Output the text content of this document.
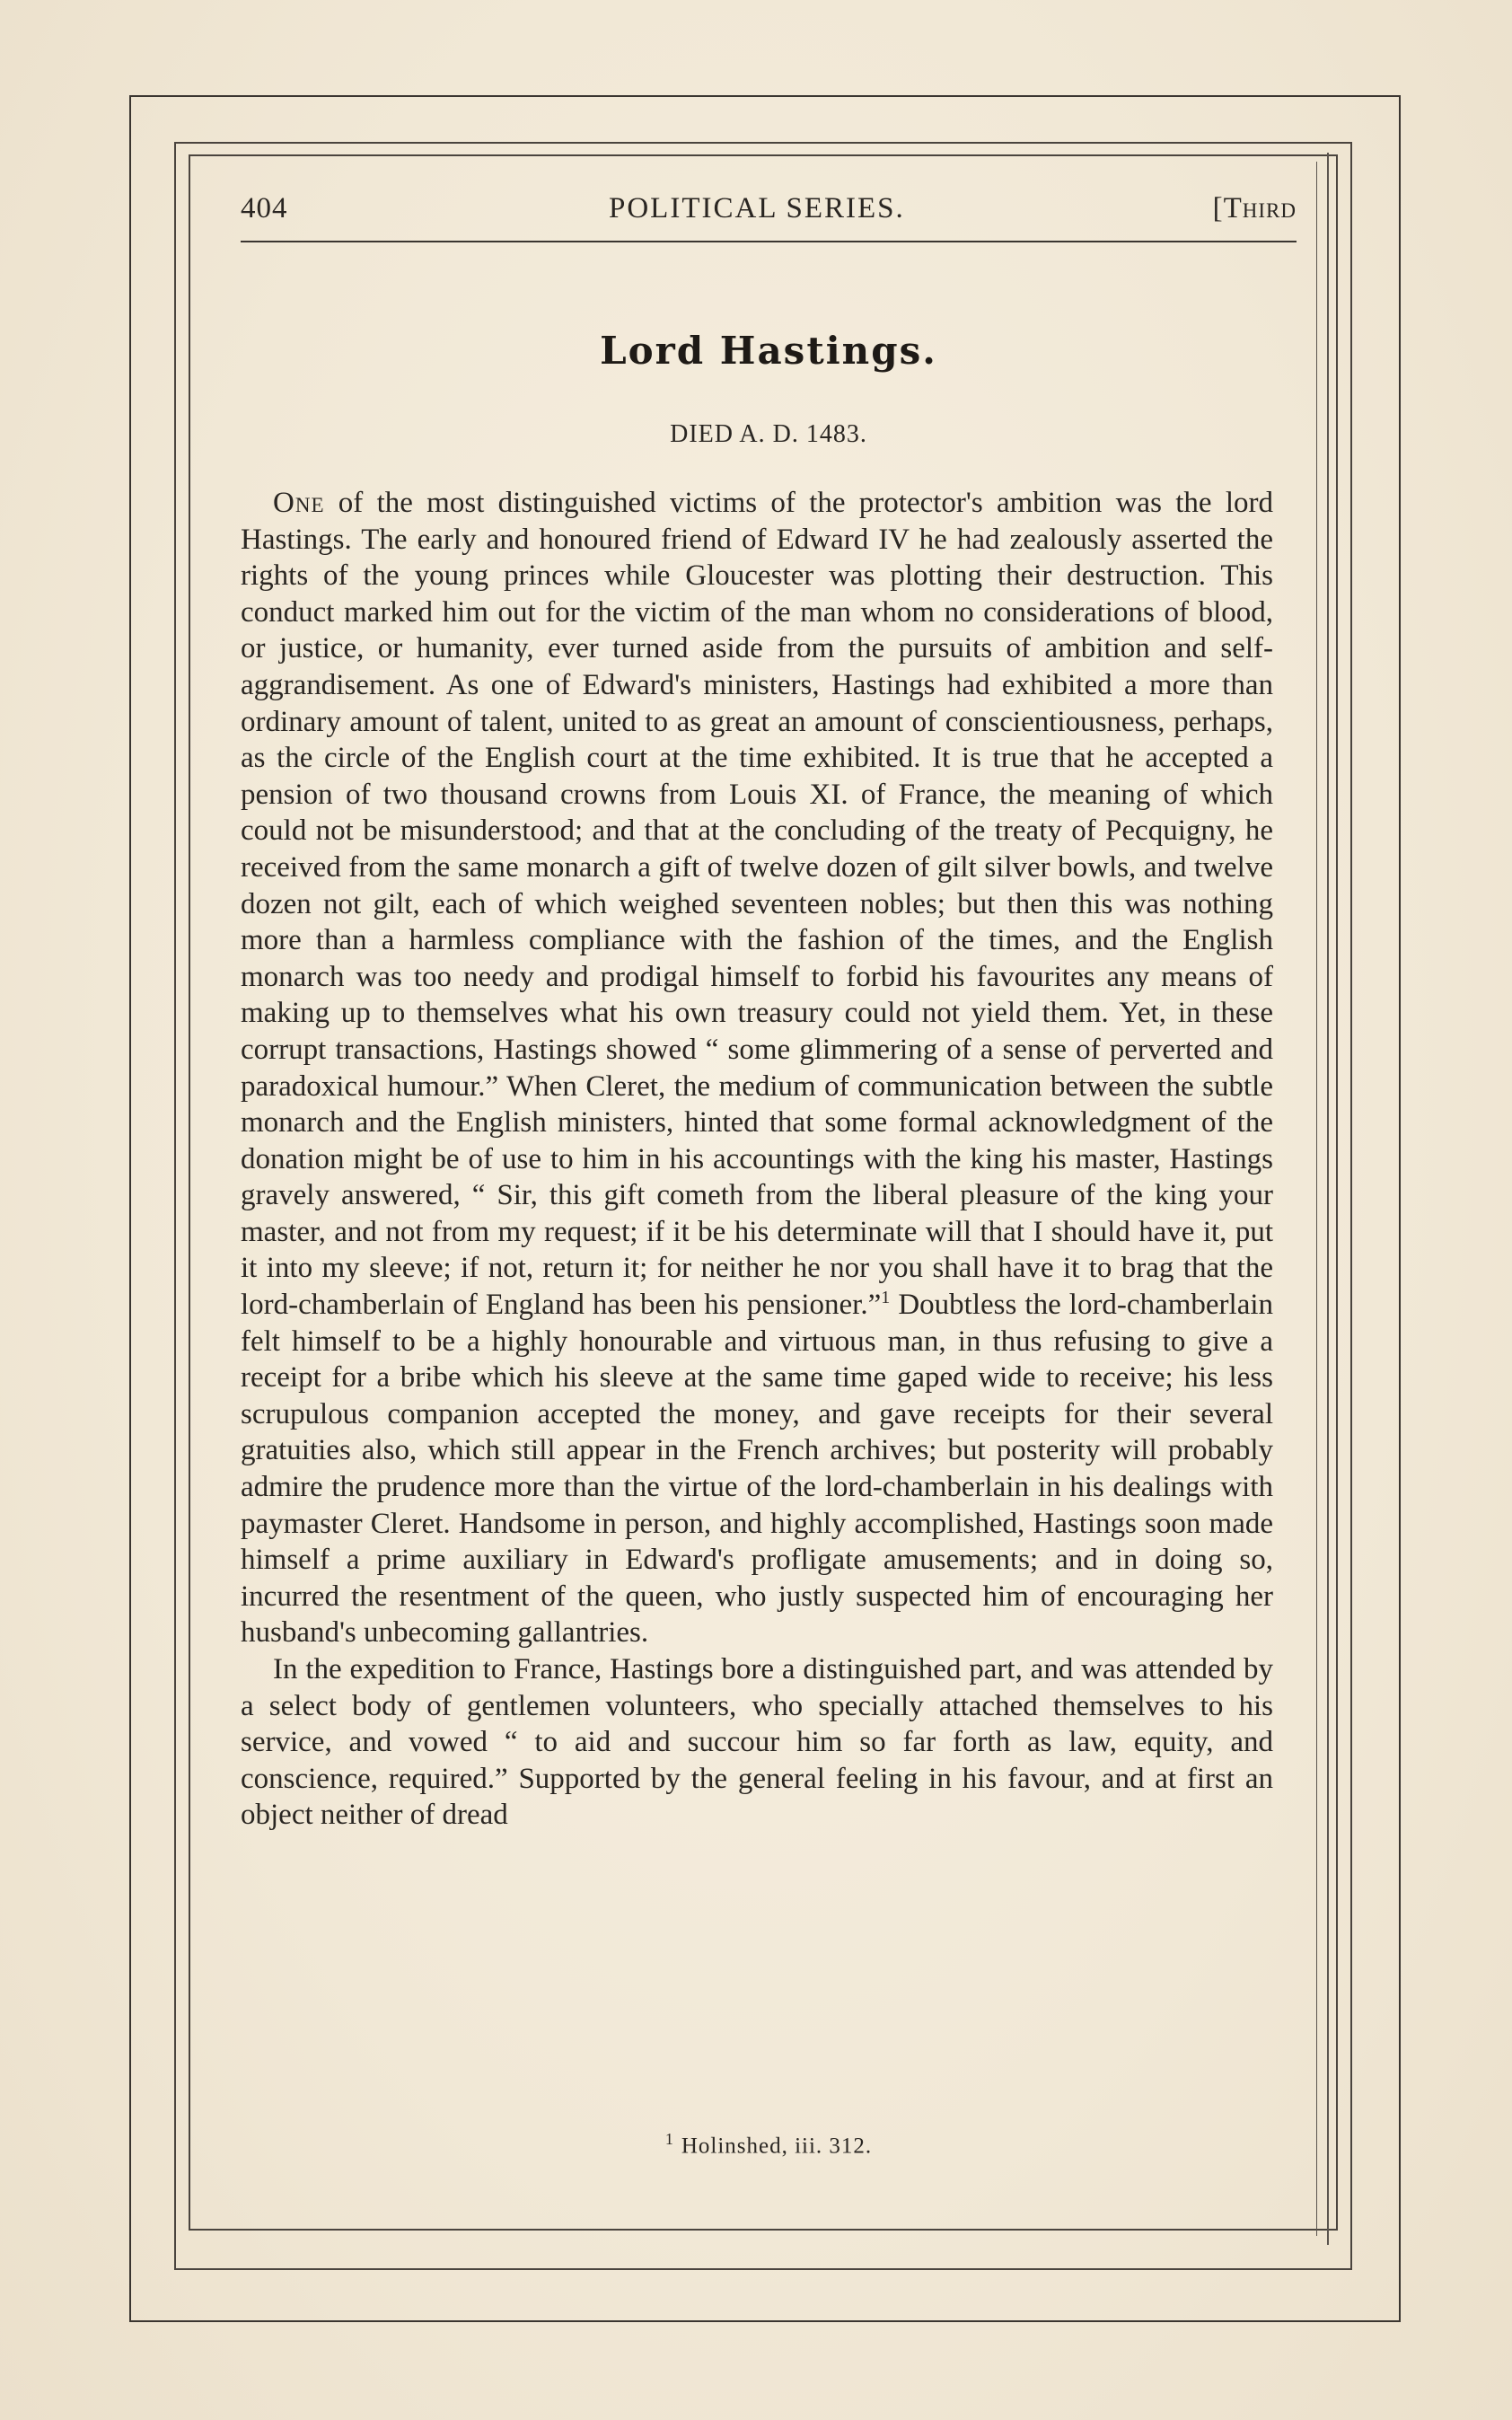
404	POLITICAL SERIES.	[Third
Lord Hastings.
DIED A. D. 1483.

One of the most distinguished victims of the protector's ambition was the lord Hastings. The early and honoured friend of Edward IV he had zealously asserted the rights of the young princes while Gloucester was plotting their destruction. This conduct marked him out for the victim of the man whom no considerations of blood, or justice, or humanity, ever turned aside from the pursuits of ambition and self-aggrandisement. As one of Edward's ministers, Hastings had exhibited a more than ordinary amount of talent, united to as great an amount of conscientiousness, perhaps, as the circle of the English court at the time exhibited. It is true that he accepted a pension of two thousand crowns from Louis XI. of France, the meaning of which could not be misunderstood; and that at the concluding of the treaty of Pecquigny, he received from the same monarch a gift of twelve dozen of gilt silver bowls, and twelve dozen not gilt, each of which weighed seventeen nobles; but then this was nothing more than a harmless compliance with the fashion of the times, and the English monarch was too needy and prodigal himself to forbid his favourites any means of making up to themselves what his own treasury could not yield them. Yet, in these corrupt transactions, Hastings showed “ some glimmering of a sense of perverted and paradoxical humour.” When Cleret, the medium of communication between the subtle monarch and the English ministers, hinted that some formal acknowledgment of the donation might be of use to him in his accountings with the king his master, Hastings gravely answered, “ Sir, this gift cometh from the liberal pleasure of the king your master, and not from my request; if it be his determinate will that I should have it, put it into my sleeve; if not, return it; for neither he nor you shall have it to brag that the lord-chamberlain of England has been his pensioner.”$^1$ Doubtless the lord-chamberlain felt himself to be a highly honourable and virtuous man, in thus refusing to give a receipt for a bribe which his sleeve at the same time gaped wide to receive; his less scrupulous companion accepted the money, and gave receipts for their several gratuities also, which still appear in the French archives; but posterity will probably admire the prudence more than the virtue of the lord-chamberlain in his dealings with paymaster Cleret. Handsome in person, and highly accomplished, Hastings soon made himself a prime auxiliary in Edward's profligate amusements; and in doing so, incurred the resentment of the queen, who justly suspected him of encouraging her husband's unbecoming gallantries.

In the expedition to France, Hastings bore a distinguished part, and was attended by a select body of gentlemen volunteers, who specially attached themselves to his service, and vowed “ to aid and succour him so far forth as law, equity, and conscience, required.” Supported by the general feeling in his favour, and at first an object neither of dread

$^1$ Holinshed, iii. 312.
